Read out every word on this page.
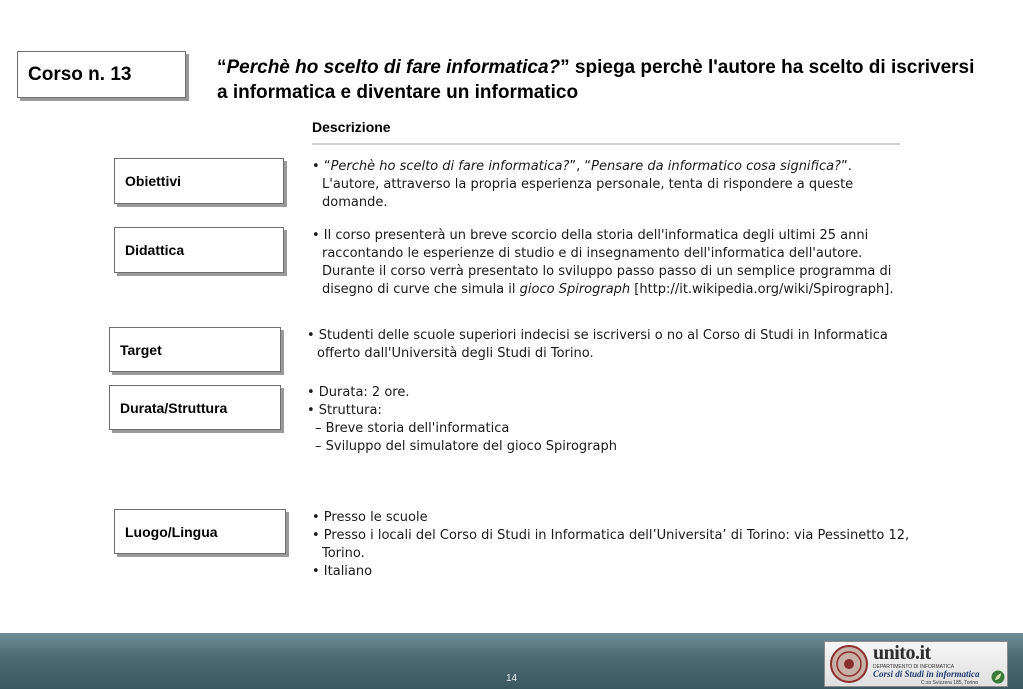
Corso n. 13	“Perchè ho scelto di fare informatica?” spiega perchè l'autore ha scelto di iscriversi a informatica e diventare un informatico
Descrizione
Obiettivi

• “Perchè ho scelto di fare informatica?”, “Pensare da informatico cosa significa?”. L'autore, attraverso la propria esperienza personale, tenta di rispondere a queste domande.

Didattica

• Il corso presenterà un breve scorcio della storia dell'informatica degli ultimi 25 anni raccontando le esperienze di studio e di insegnamento dell'informatica dell'autore. Durante il corso verrà presentato lo sviluppo passo passo di un semplice programma di disegno di curve che simula il gioco Spirograph [http://it.wikipedia.org/wiki/Spirograph].

Target

• Studenti delle scuole superiori indecisi se iscriversi o no al Corso di Studi in Informatica offerto dall'Università degli Studi di Torino.

Durata/Struttura

• Durata: 2 ore.

• Struttura:

– Breve storia dell'informatica

– Sviluppo del simulatore del gioco Spirograph

Luogo/Lingua

• Presso le scuole

• Presso i locali del Corso di Studi in Informatica dell’Universita’ di Torino: via Pessinetto 12, Torino.

• Italiano

14
unito.it
DEPARTIMENTO DI INFORMATICA
Corsi di Studi in informatica
C.so Svizzera 185, Torino
